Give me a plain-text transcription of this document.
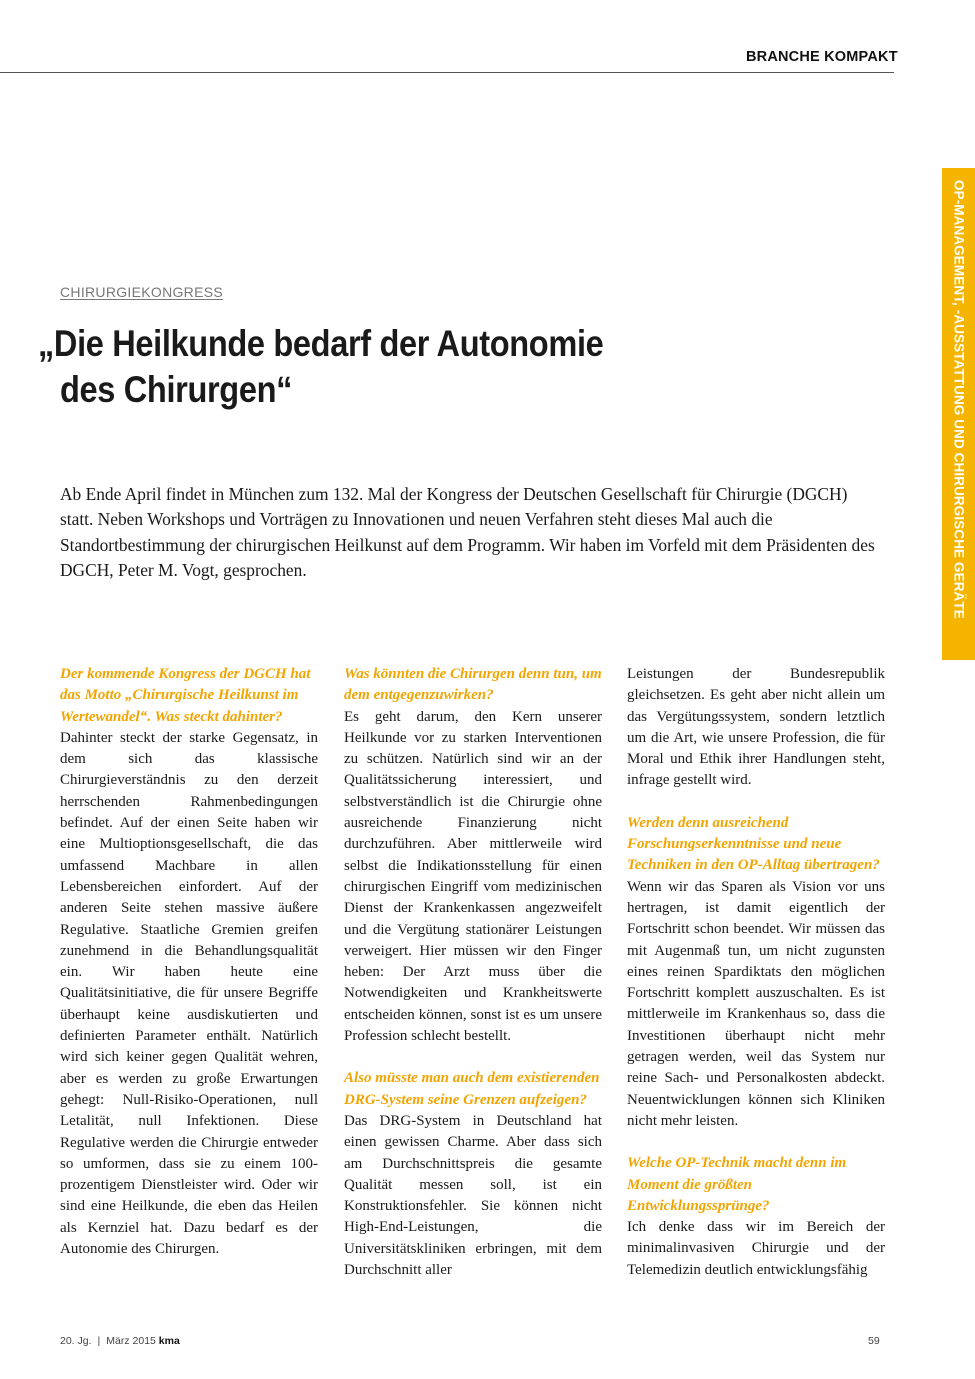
BRANCHE KOMPAKT
OP-MANAGEMENT, -AUSSTATTUNG UND CHIRURGISCHE GERÄTE
CHIRURGIEKONGRESS
„Die Heilkunde bedarf der Autonomie
des Chirurgen“

Ab Ende April findet in München zum 132. Mal der Kongress der Deutschen Gesellschaft für Chirurgie (DGCH) statt. Neben Workshops und Vorträgen zu Innovationen und neuen Verfahren steht dieses Mal auch die Standortbestimmung der chirurgischen Heilkunst auf dem Programm. Wir haben im Vorfeld mit dem Präsidenten des DGCH, Peter M. Vogt, gesprochen.

Der kommende Kongress der DGCH hat das Motto „Chirurgische Heilkunst im Wertewandel“. Was steckt dahinter?

Dahinter steckt der starke Gegensatz, in dem sich das klassische Chirurgieverständnis zu den derzeit herrschenden Rahmenbedingungen befindet. Auf der einen Seite haben wir eine Multioptionsgesellschaft, die das umfassend Machbare in allen Lebensbereichen einfordert. Auf der anderen Seite stehen massive äußere Regulative. Staatliche Gremien greifen zunehmend in die Behandlungsqualität ein. Wir haben heute eine Qualitätsinitiative, die für unsere Begriffe überhaupt keine ausdiskutierten und definierten Parameter enthält. Natürlich wird sich keiner gegen Qualität wehren, aber es werden zu große Erwartungen gehegt: Null-Risiko-Operationen, null Letalität, null Infektionen. Diese Regulative werden die Chirurgie entweder so umformen, dass sie zu einem 100-prozentigem Dienstleister wird. Oder wir sind eine Heilkunde, die eben das Heilen als Kernziel hat. Dazu bedarf es der Autonomie des Chirurgen.

Was könnten die Chirurgen denn tun, um dem entgegenzuwirken?

Es geht darum, den Kern unserer Heilkunde vor zu starken Interventionen zu schützen. Natürlich sind wir an der Qualitätssicherung interessiert, und selbstverständlich ist die Chirurgie ohne ausreichende Finanzierung nicht durchzuführen. Aber mittlerweile wird selbst die Indikationsstellung für einen chirurgischen Eingriff vom medizinischen Dienst der Krankenkassen angezweifelt und die Vergütung stationärer Leistungen verweigert. Hier müssen wir den Finger heben: Der Arzt muss über die Notwendigkeiten und Krankheitswerte entscheiden können, sonst ist es um unsere Profession schlecht bestellt.

Also müsste man auch dem existierenden DRG-System seine Grenzen aufzeigen?

Das DRG-System in Deutschland hat einen gewissen Charme. Aber dass sich am Durchschnittspreis die gesamte Qualität messen soll, ist ein Konstruktionsfehler. Sie können nicht High-End-Leistungen, die Universitätskliniken erbringen, mit dem Durchschnitt aller

Leistungen der Bundesrepublik gleichsetzen. Es geht aber nicht allein um das Vergütungssystem, sondern letztlich um die Art, wie unsere Profession, die für Moral und Ethik ihrer Handlungen steht, infrage gestellt wird.

Werden denn ausreichend Forschungserkenntnisse und neue Techniken in den OP-Alltag übertragen?

Wenn wir das Sparen als Vision vor uns hertragen, ist damit eigentlich der Fortschritt schon beendet. Wir müssen das mit Augenmaß tun, um nicht zugunsten eines reinen Spardiktats den möglichen Fortschritt komplett auszuschalten. Es ist mittlerweile im Krankenhaus so, dass die Investitionen überhaupt nicht mehr getragen werden, weil das System nur reine Sach- und Personalkosten abdeckt. Neuentwicklungen können sich Kliniken nicht mehr leisten.

Welche OP-Technik macht denn im Moment die größten Entwicklungssprünge?

Ich denke dass wir im Bereich der minimalinvasiven Chirurgie und der Telemedizin deutlich entwicklungsfähig

20. Jg. | März 2015 kma	59
